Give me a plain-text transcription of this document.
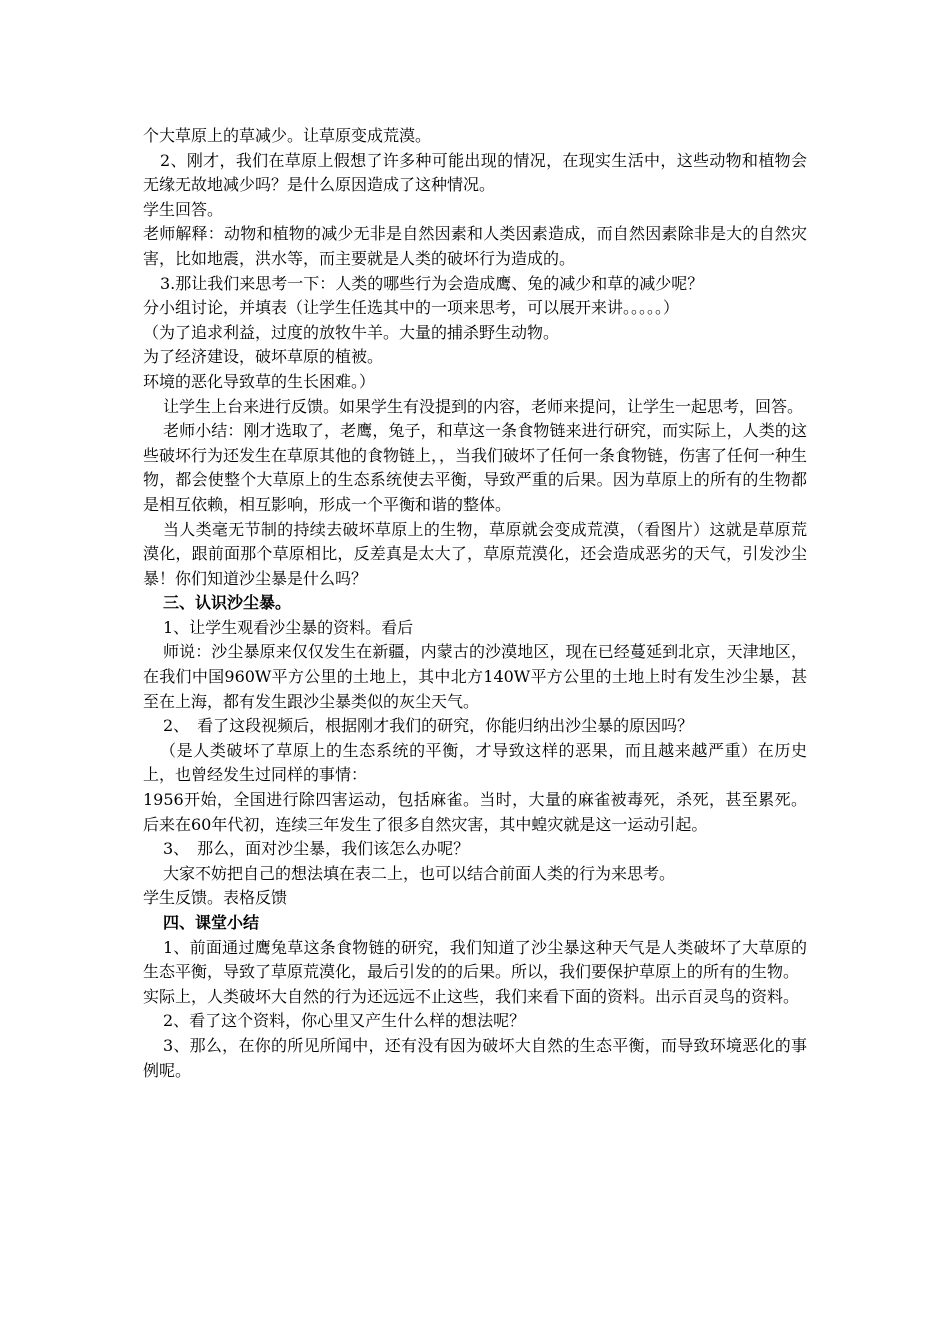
个大草原上的草减少。让草原变成荒漠。

2、刚才，我们在草原上假想了许多种可能出现的情况，在现实生活中，这些动物和植物会无缘无故地减少吗？是什么原因造成了这种情况。

学生回答。

老师解释：动物和植物的减少无非是自然因素和人类因素造成，而自然因素除非是大的自然灾害，比如地震，洪水等，而主要就是人类的破坏行为造成的。

3.那让我们来思考一下：人类的哪些行为会造成鹰、兔的减少和草的减少呢？

分小组讨论，并填表（让学生任选其中的一项来思考，可以展开来讲。。。。。）

（为了追求利益，过度的放牧牛羊。大量的捕杀野生动物。

为了经济建设，破坏草原的植被。

环境的恶化导致草的生长困难。）

让学生上台来进行反馈。如果学生有没提到的内容，老师来提问，让学生一起思考，回答。

老师小结：刚才选取了，老鹰，兔子，和草这一条食物链来进行研究，而实际上，人类的这些破坏行为还发生在草原其他的食物链上，，当我们破坏了任何一条食物链，伤害了任何一种生物，都会使整个大草原上的生态系统使去平衡，导致严重的后果。因为草原上的所有的生物都是相互依赖，相互影响，形成一个平衡和谐的整体。

当人类毫无节制的持续去破坏草原上的生物，草原就会变成荒漠，（看图片）这就是草原荒漠化，跟前面那个草原相比，反差真是太大了，草原荒漠化，还会造成恶劣的天气，引发沙尘暴！你们知道沙尘暴是什么吗？

三、认识沙尘暴。

1、让学生观看沙尘暴的资料。看后

师说：沙尘暴原来仅仅发生在新疆，内蒙古的沙漠地区，现在已经蔓延到北京，天津地区，在我们中国960W平方公里的土地上，其中北方140W平方公里的土地上时有发生沙尘暴，甚至在上海，都有发生跟沙尘暴类似的灰尘天气。

2、　看了这段视频后，根据刚才我们的研究，你能归纳出沙尘暴的原因吗？

（是人类破坏了草原上的生态系统的平衡，才导致这样的恶果，而且越来越严重）在历史上，也曾经发生过同样的事情：

1956开始，全国进行除四害运动，包括麻雀。当时，大量的麻雀被毒死，杀死，甚至累死。后来在60年代初，连续三年发生了很多自然灾害，其中蝗灾就是这一运动引起。

3、　那么，面对沙尘暴，我们该怎么办呢？

大家不妨把自己的想法填在表二上，也可以结合前面人类的行为来思考。

学生反馈。表格反馈

四、课堂小结

1、前面通过鹰兔草这条食物链的研究，我们知道了沙尘暴这种天气是人类破坏了大草原的生态平衡，导致了草原荒漠化，最后引发的的后果。所以，我们要保护草原上的所有的生物。

实际上，人类破坏大自然的行为还远远不止这些，我们来看下面的资料。出示百灵鸟的资料。

2、看了这个资料，你心里又产生什么样的想法呢？

3、那么，在你的所见所闻中，还有没有因为破坏大自然的生态平衡，而导致环境恶化的事例呢。
